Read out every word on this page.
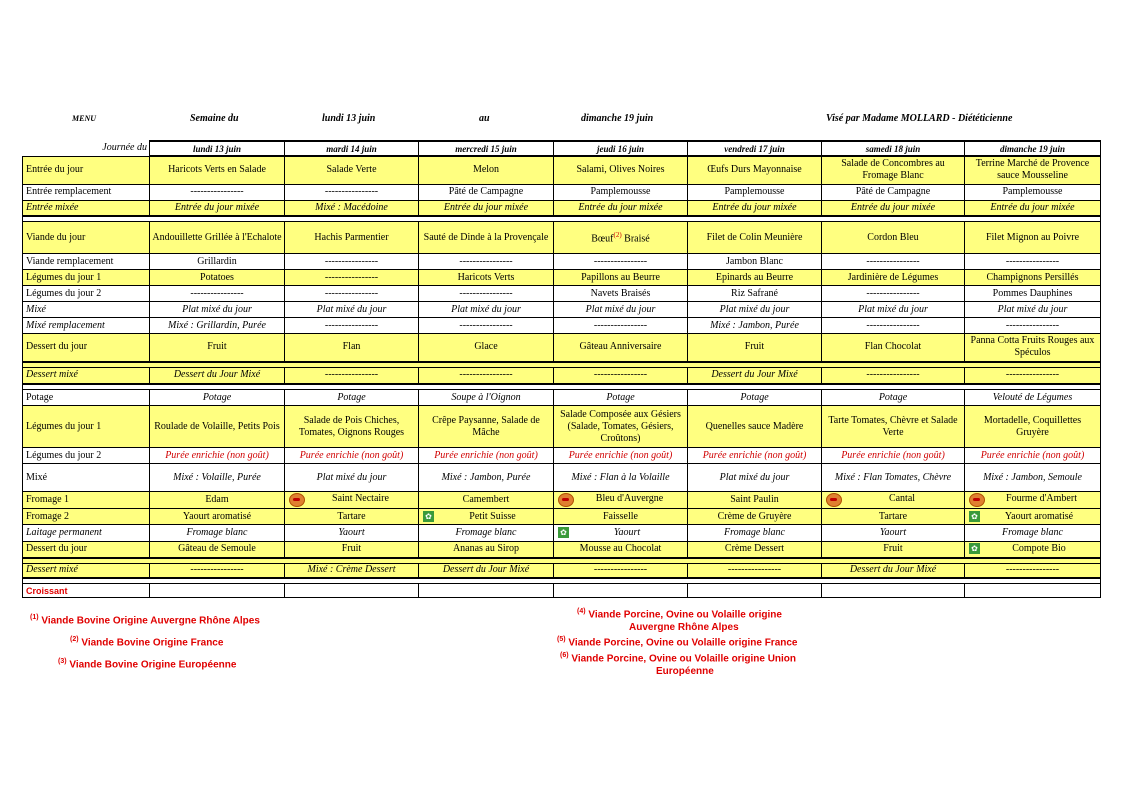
MENU	Semaine du	lundi 13 juin	au	dimanche 19 juin	Visé par Madame MOLLARD - Diététicienne
Journée du	lundi 13 juin	mardi 14 juin	mercredi 15 juin	jeudi 16 juin	vendredi 17 juin	samedi 18 juin	dimanche 19 juin
Entrée du jour	Haricots Verts en Salade	Salade Verte	Melon	Salami, Olives Noires	Œufs Durs Mayonnaise	Salade de Concombres au Fromage Blanc	Terrine Marché de Provence sauce Mousseline
Entrée remplacement	----------------	----------------	Pâté de Campagne	Pamplemousse	Pamplemousse	Pâté de Campagne	Pamplemousse
Entrée mixée	Entrée du jour mixée	Mixé : Macédoine	Entrée du jour mixée	Entrée du jour mixée	Entrée du jour mixée	Entrée du jour mixée	Entrée du jour mixée

Viande du jour	Andouillette Grillée à l'Echalote	Hachis Parmentier	Sauté de Dinde à la Provençale	Bœuf$^{(2)}$ Braisé	Filet de Colin Meunière	Cordon Bleu	Filet Mignon au Poivre
Viande remplacement	Grillardin	----------------	----------------	----------------	Jambon Blanc	----------------	----------------
Légumes du jour 1	Potatoes	----------------	Haricots Verts	Papillons au Beurre	Epinards au Beurre	Jardinière de Légumes	Champignons Persillés
Légumes du jour 2	----------------	----------------	----------------	Navets Braisés	Riz Safrané	----------------	Pommes Dauphines
Mixé	Plat mixé du jour	Plat mixé du jour	Plat mixé du jour	Plat mixé du jour	Plat mixé du jour	Plat mixé du jour	Plat mixé du jour
Mixé remplacement	Mixé : Grillardin, Purée	----------------	----------------	----------------	Mixé : Jambon, Purée	----------------	----------------
Dessert du jour	Fruit	Flan	Glace	Gâteau Anniversaire	Fruit	Flan Chocolat	Panna Cotta Fruits Rouges aux Spéculos

Dessert mixé	Dessert du Jour Mixé	----------------	----------------	----------------	Dessert du Jour Mixé	----------------	----------------

Potage	Potage	Potage	Soupe à l'Oignon	Potage	Potage	Potage	Velouté de Légumes
Légumes du jour 1	Roulade de Volaille, Petits Pois	Salade de Pois Chiches, Tomates, Oignons Rouges	Crêpe Paysanne, Salade de Mâche	Salade Composée aux Gésiers (Salade, Tomates, Gésiers, Croûtons)	Quenelles sauce Madère	Tarte Tomates, Chèvre et Salade Verte	Mortadelle, Coquillettes Gruyère
Légumes du jour 2	Purée enrichie (non goût)	Purée enrichie (non goût)	Purée enrichie (non goût)	Purée enrichie (non goût)	Purée enrichie (non goût)	Purée enrichie (non goût)	Purée enrichie (non goût)
Mixé	Mixé : Volaille, Purée	Plat mixé du jour	Mixé : Jambon, Purée	Mixé : Flan à la Volaille	Plat mixé du jour	Mixé : Flan Tomates, Chèvre	Mixé : Jambon, Semoule
Fromage 1	Edam	Saint Nectaire	Camembert	Bleu d'Auvergne	Saint Paulin	Cantal	Fourme d'Ambert
Fromage 2	Yaourt aromatisé	Tartare	✿ Petit Suisse	Faisselle	Crème de Gruyère	Tartare	✿ Yaourt aromatisé
Laitage permanent	Fromage blanc	Yaourt	Fromage blanc	✿ Yaourt	Fromage blanc	Yaourt	Fromage blanc
Dessert du jour	Gâteau de Semoule	Fruit	Ananas au Sirop	Mousse au Chocolat	Crème Dessert	Fruit	✿ Compote Bio

Dessert mixé	----------------	Mixé : Crème Dessert	Dessert du Jour Mixé	----------------	----------------	Dessert du Jour Mixé	----------------

Croissant							
$^{(1)}$ Viande Bovine Origine Auvergne Rhône Alpes
$^{(2)}$ Viande Bovine Origine France
$^{(3)}$ Viande Bovine Origine Européenne
$^{(4)}$ Viande Porcine, Ovine ou Volaille origine
Auvergne Rhône Alpes
$^{(5)}$ Viande Porcine, Ovine ou Volaille origine France
$^{(6)}$ Viande Porcine, Ovine ou Volaille origine Union
Européenne
